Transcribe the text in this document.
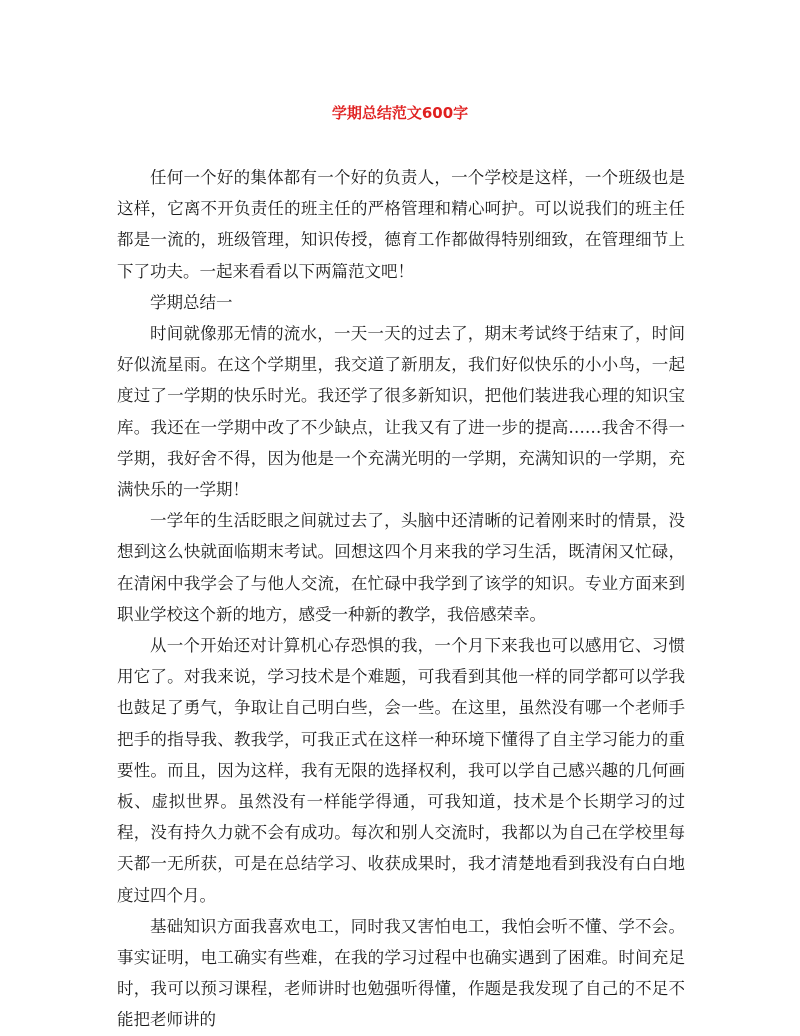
学期总结范文600字

任何一个好的集体都有一个好的负责人，一个学校是这样，一个班级也是这样，它离不开负责任的班主任的严格管理和精心呵护。可以说我们的班主任都是一流的，班级管理，知识传授，德育工作都做得特别细致，在管理细节上下了功夫。一起来看看以下两篇范文吧！

学期总结一

时间就像那无情的流水，一天一天的过去了，期末考试终于结束了，时间好似流星雨。在这个学期里，我交道了新朋友，我们好似快乐的小小鸟，一起度过了一学期的快乐时光。我还学了很多新知识，把他们装进我心理的知识宝库。我还在一学期中改了不少缺点，让我又有了进一步的提高……我舍不得一学期，我好舍不得，因为他是一个充满光明的一学期，充满知识的一学期，充满快乐的一学期！

一学年的生活眨眼之间就过去了，头脑中还清晰的记着刚来时的情景，没想到这么快就面临期末考试。回想这四个月来我的学习生活，既清闲又忙碌，在清闲中我学会了与他人交流，在忙碌中我学到了该学的知识。专业方面来到职业学校这个新的地方，感受一种新的教学，我倍感荣幸。

从一个开始还对计算机心存恐惧的我，一个月下来我也可以感用它、习惯用它了。对我来说，学习技术是个难题，可我看到其他一样的同学都可以学我也鼓足了勇气，争取让自己明白些，会一些。在这里，虽然没有哪一个老师手把手的指导我、教我学，可我正式在这样一种环境下懂得了自主学习能力的重要性。而且，因为这样，我有无限的选择权利，我可以学自己感兴趣的几何画板、虚拟世界。虽然没有一样能学得通，可我知道，技术是个长期学习的过程，没有持久力就不会有成功。每次和别人交流时，我都以为自己在学校里每天都一无所获，可是在总结学习、收获成果时，我才清楚地看到我没有白白地度过四个月。

基础知识方面我喜欢电工，同时我又害怕电工，我怕会听不懂、学不会。事实证明，电工确实有些难，在我的学习过程中也确实遇到了困难。时间充足时，我可以预习课程，老师讲时也勉强听得懂，作题是我发现了自己的不足不能把老师讲的
